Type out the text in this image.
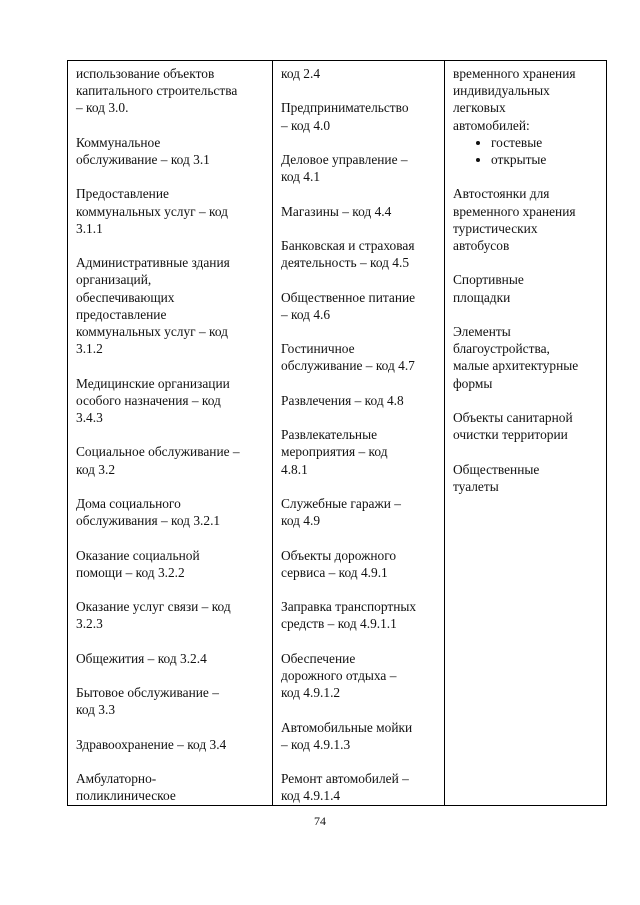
использование объектов
капитального строительства
– код 3.0.

Коммунальное
обслуживание – код 3.1

Предоставление
коммунальных услуг – код
3.1.1

Административные здания
организаций,
обеспечивающих
предоставление
коммунальных услуг – код
3.1.2

Медицинские организации
особого назначения – код
3.4.3

Социальное обслуживание –
код 3.2

Дома социального
обслуживания – код 3.2.1

Оказание социальной
помощи – код 3.2.2

Оказание услуг связи – код
3.2.3

Общежития – код 3.2.4

Бытовое обслуживание –
код 3.3

Здравоохранение – код 3.4

Амбулаторно-
поликлиническое

код 2.4

Предпринимательство
– код 4.0

Деловое управление –
код 4.1

Магазины – код 4.4

Банковская и страховая
деятельность – код 4.5

Общественное питание
– код 4.6

Гостиничное
обслуживание – код 4.7

Развлечения – код 4.8

Развлекательные
мероприятия – код
4.8.1

Служебные гаражи –
код 4.9

Объекты дорожного
сервиса – код 4.9.1

Заправка транспортных
средств – код 4.9.1.1

Обеспечение
дорожного отдыха –
код 4.9.1.2

Автомобильные мойки
– код 4.9.1.3

Ремонт автомобилей –
код 4.9.1.4

временного хранения
индивидуальных
легковых
автомобилей:

• гостевые
• открытые

Автостоянки для
временного хранения
туристических
автобусов

Спортивные
площадки

Элементы
благоустройства,
малые архитектурные
формы

Объекты санитарной
очистки территории

Общественные
туалеты

74
